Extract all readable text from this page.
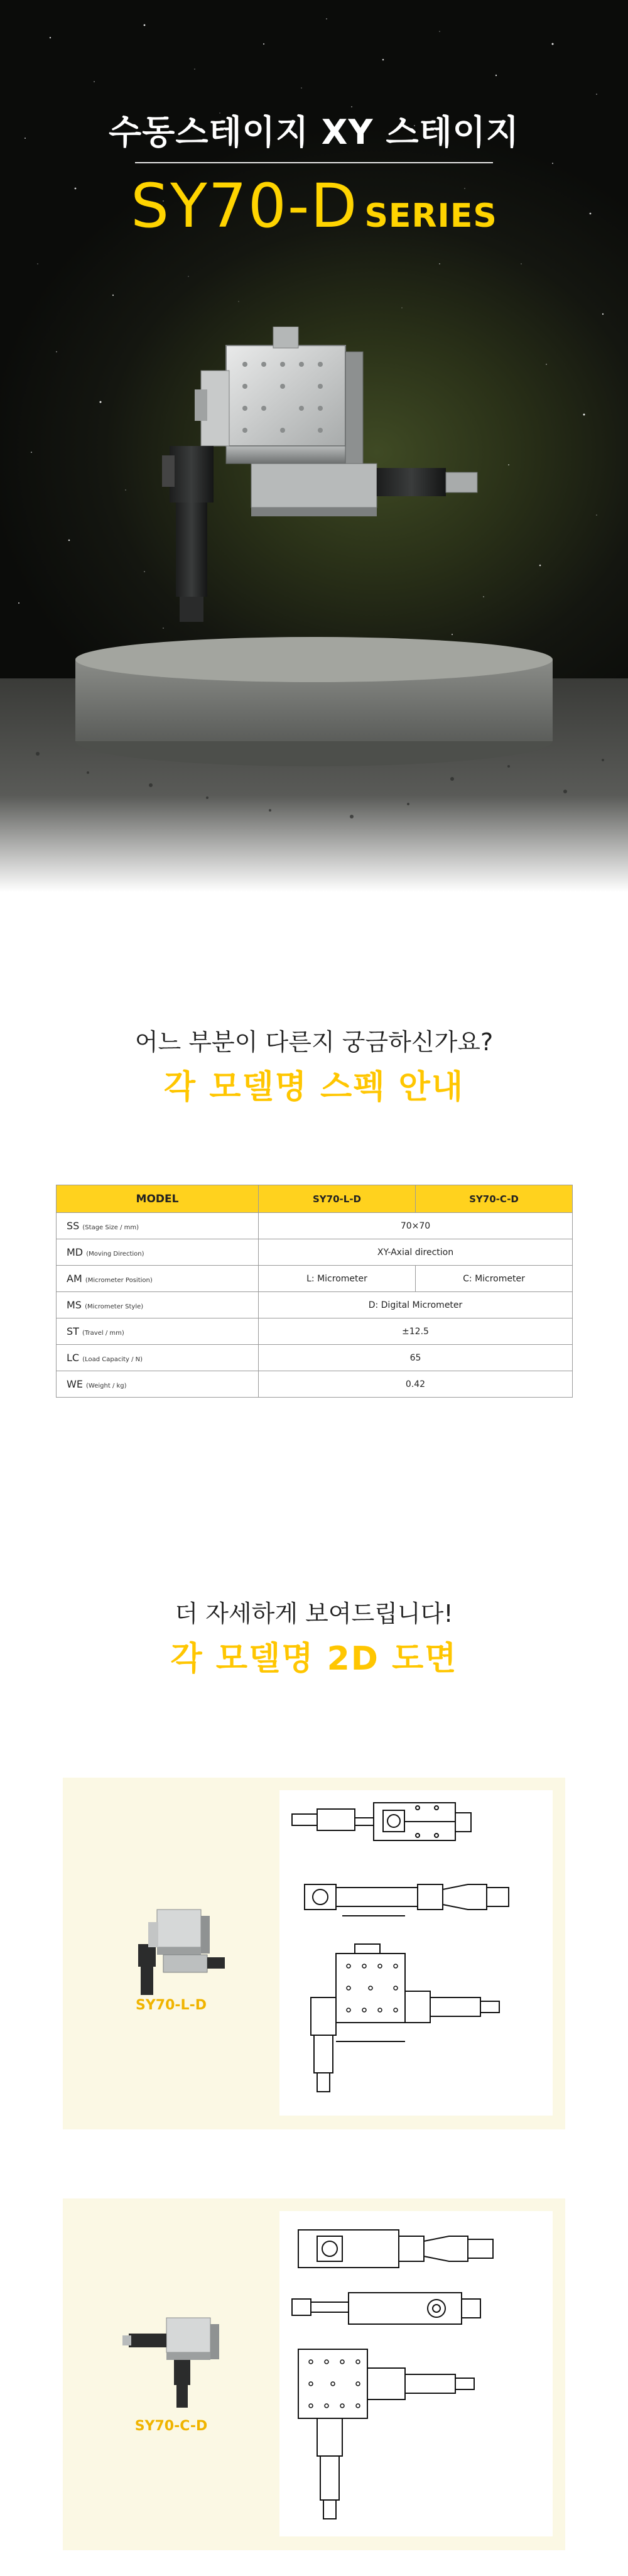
수동스테이지 XY 스테이지
SY70-D SERIES
어느 부분이 다른지 궁금하신가요?
각 모델명 스펙 안내
MODEL	SY70-L-D	SY70-C-D
SS (Stage Size / mm)	70×70	
MD (Moving Direction)	XY-Axial direction	
AM (Micrometer Position)	L: Micrometer	C: Micrometer
MS (Micrometer Style)	D: Digital Micrometer	
ST (Travel / mm)	±12.5	
LC (Load Capacity / N)	65	
WE (Weight / kg)	0.42	
더 자세하게 보여드립니다!
각 모델명 2D 도면
SY70-L-D
SY70-C-D
